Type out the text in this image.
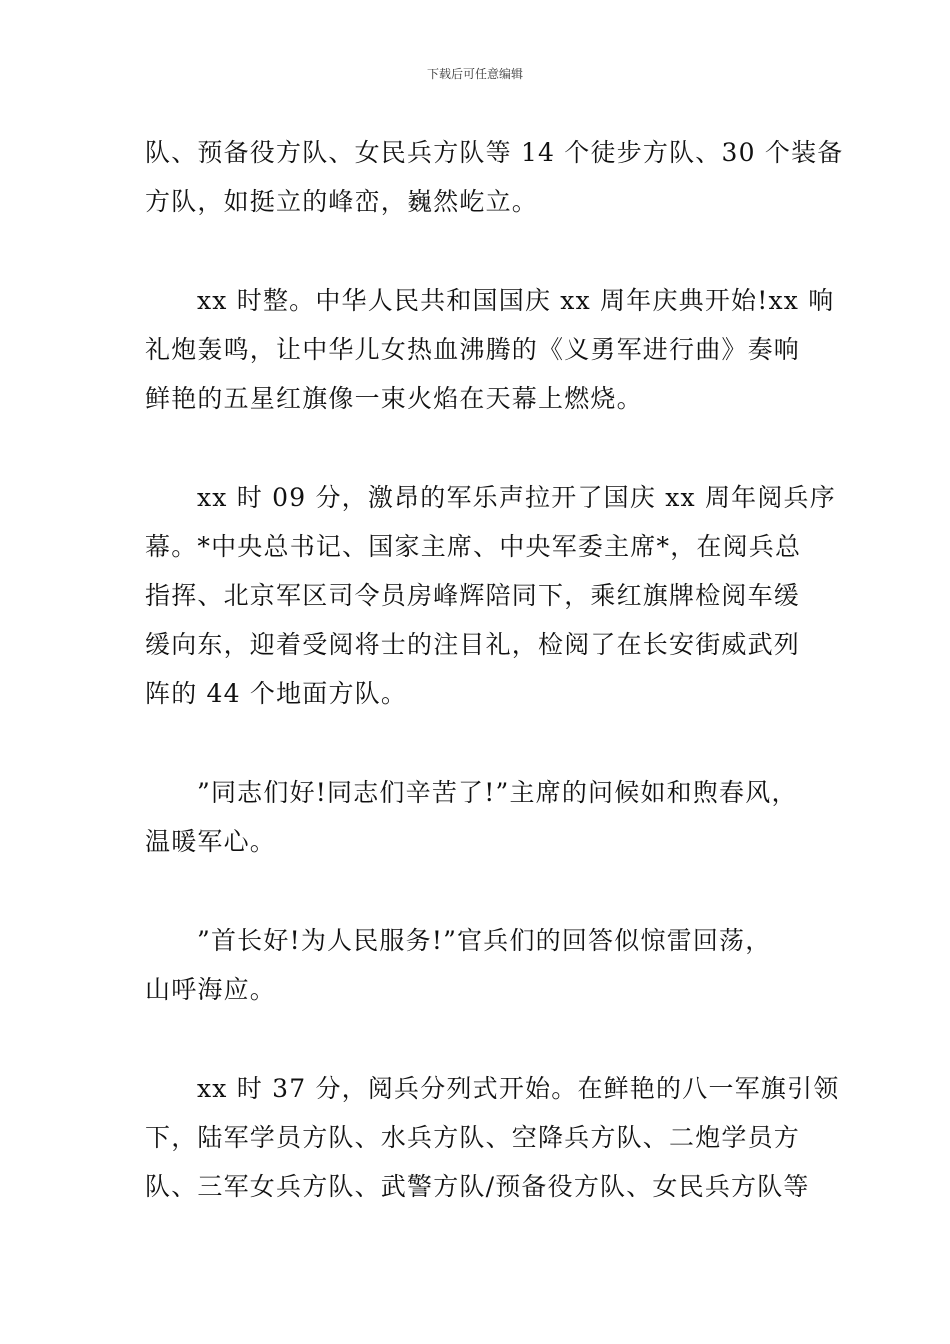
下载后可任意编辑

队、预备役方队、女民兵方队等 14 个徒步方队、30 个装备
方队，如挺立的峰峦，巍然屹立。

xx 时整。中华人民共和国国庆 xx 周年庆典开始!xx 响
礼炮轰鸣，让中华儿女热血沸腾的《义勇军进行曲》奏响
鲜艳的五星红旗像一束火焰在天幕上燃烧。

xx 时 09 分，激昂的军乐声拉开了国庆 xx 周年阅兵序
幕。*中央总书记、国家主席、中央军委主席*，在阅兵总
指挥、北京军区司令员房峰辉陪同下，乘红旗牌检阅车缓
缓向东，迎着受阅将士的注目礼，检阅了在长安街威武列
阵的 44 个地面方队。

”同志们好!同志们辛苦了!”主席的问候如和煦春风，
温暖军心。

”首长好!为人民服务!”官兵们的回答似惊雷回荡，
山呼海应。

xx 时 37 分，阅兵分列式开始。在鲜艳的八一军旗引领
下，陆军学员方队、水兵方队、空降兵方队、二炮学员方
队、三军女兵方队、武警方队/预备役方队、女民兵方队等
